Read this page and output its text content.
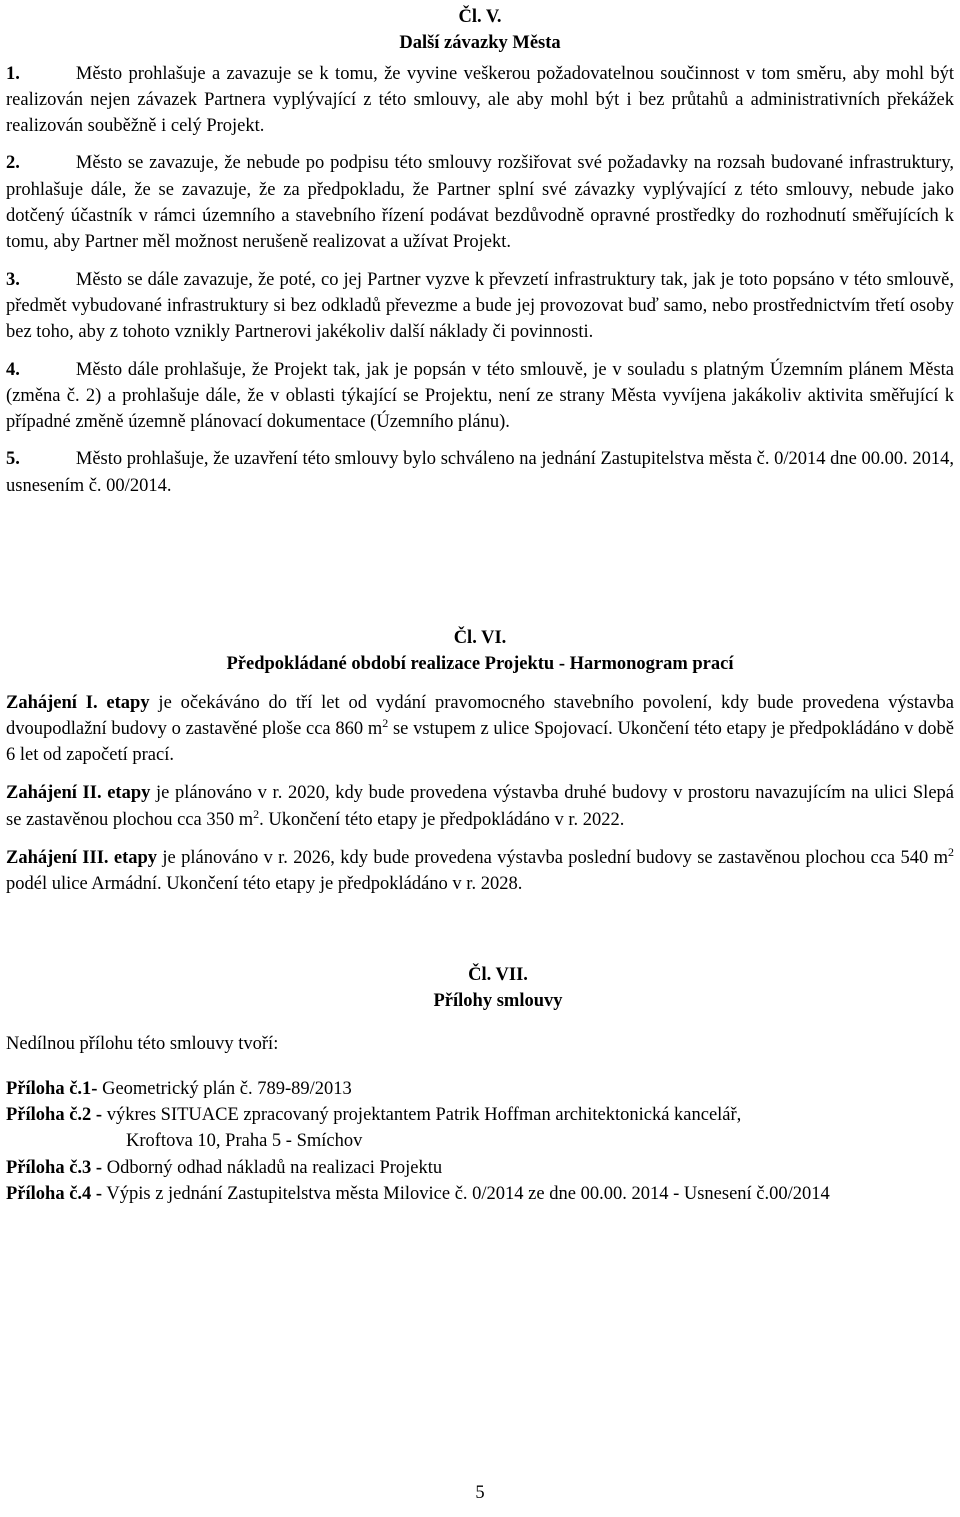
Čl. V.

Další závazky Města

1.	Město prohlašuje a zavazuje se k tomu, že vyvine veškerou požadovatelnou součinnost v tom směru, aby mohl být realizován nejen závazek Partnera vyplývající z této smlouvy, ale aby mohl být i bez průtahů a administrativních překážek realizován souběžně i celý Projekt.

2.	Město se zavazuje, že nebude po podpisu této smlouvy rozšiřovat své požadavky na rozsah budované infrastruktury, prohlašuje dále, že se zavazuje, že za předpokladu, že Partner splní své závazky vyplývající z této smlouvy, nebude jako dotčený účastník v rámci územního a stavebního řízení podávat bezdůvodně opravné prostředky do rozhodnutí směřujících k tomu, aby Partner měl možnost nerušeně realizovat a užívat Projekt.

3.	Město se dále zavazuje, že poté, co jej Partner vyzve k převzetí infrastruktury tak, jak je toto popsáno v této smlouvě, předmět vybudované infrastruktury si bez odkladů převezme a bude jej provozovat buď samo, nebo prostřednictvím třetí osoby bez toho, aby z tohoto vznikly Partnerovi jakékoliv další náklady či povinnosti.

4.	Město dále prohlašuje, že Projekt tak, jak je popsán v této smlouvě, je v souladu s platným Územním plánem Města (změna č. 2) a prohlašuje dále, že v oblasti týkající se Projektu, není ze strany Města vyvíjena jakákoliv aktivita směřující k případné změně územně plánovací dokumentace (Územního plánu).

5.	Město prohlašuje, že uzavření této smlouvy bylo schváleno na jednání Zastupitelstva města č. 0/2014 dne 00.00. 2014, usnesením č. 00/2014.

Čl. VI.

Předpokládané období realizace Projektu - Harmonogram prací

Zahájení I. etapy je očekáváno do tří let od vydání pravomocného stavebního povolení, kdy bude provedena výstavba dvoupodlažní budovy o zastavěné ploše cca 860 $m^2$ se vstupem z ulice Spojovací. Ukončení této etapy je předpokládáno v době 6 let od započetí prací.

Zahájení II. etapy je plánováno v r. 2020, kdy bude provedena výstavba druhé budovy v prostoru navazujícím na ulici Slepá se zastavěnou plochou cca 350 $m^2$. Ukončení této etapy je předpokládáno v r. 2022.

Zahájení III. etapy je plánováno v r. 2026, kdy bude provedena výstavba poslední budovy se zastavěnou plochou cca 540 $m^2$ podél ulice Armádní. Ukončení této etapy je předpokládáno v r. 2028.

Čl. VII.

Přílohy smlouvy

Nedílnou přílohu této smlouvy tvoří:

Příloha č.1- Geometrický plán č. 789-89/2013

Příloha č.2 - výkres SITUACE zpracovaný projektantem Patrik Hoffman architektonická kancelář,

Kroftova 10, Praha 5 - Smíchov

Příloha č.3 - Odborný odhad nákladů na realizaci Projektu

Příloha č.4 - Výpis z jednání Zastupitelstva města Milovice č. 0/2014 ze dne 00.00. 2014 - Usnesení č.00/2014

5
